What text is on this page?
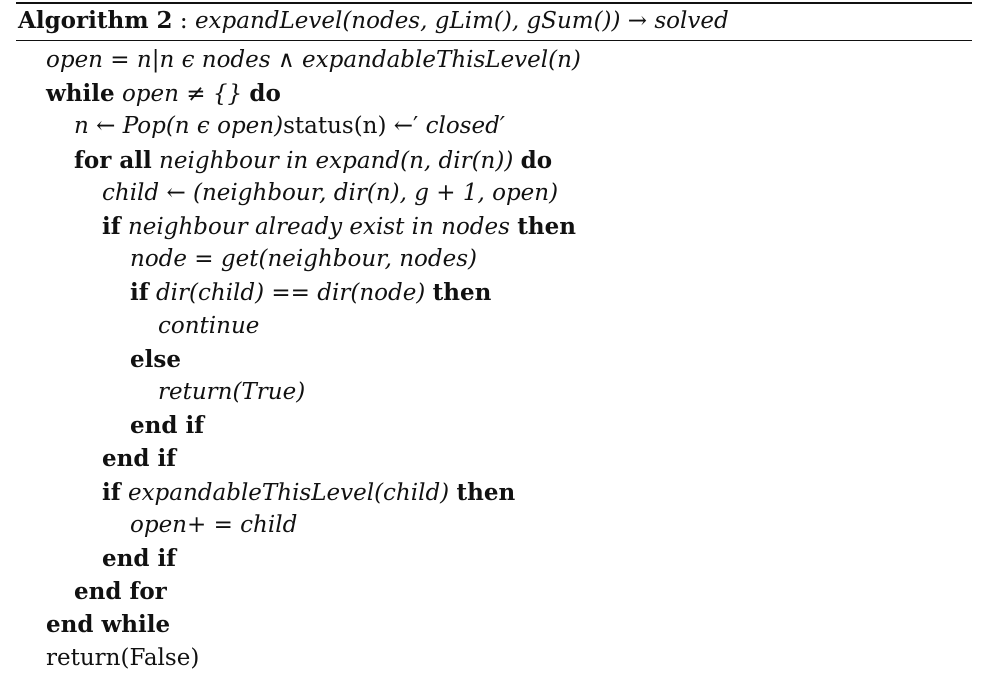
Algorithm 2 : expandLevel(nodes, gLim(), gSum()) → solved
open = n|n ϵ nodes ∧ expandableThisLevel(n)
while open ≠ {} do
n ← Pop(n ϵ open)status(n) ←′ closed′
for all neighbour in expand(n, dir(n)) do
child ← (neighbour, dir(n), g + 1, open)
if neighbour already exist in nodes then
node = get(neighbour, nodes)
if dir(child) == dir(node) then
continue
else
return(True)
end if
end if
if expandableThisLevel(child) then
open+ = child
end if
end for
end while
return(False)
